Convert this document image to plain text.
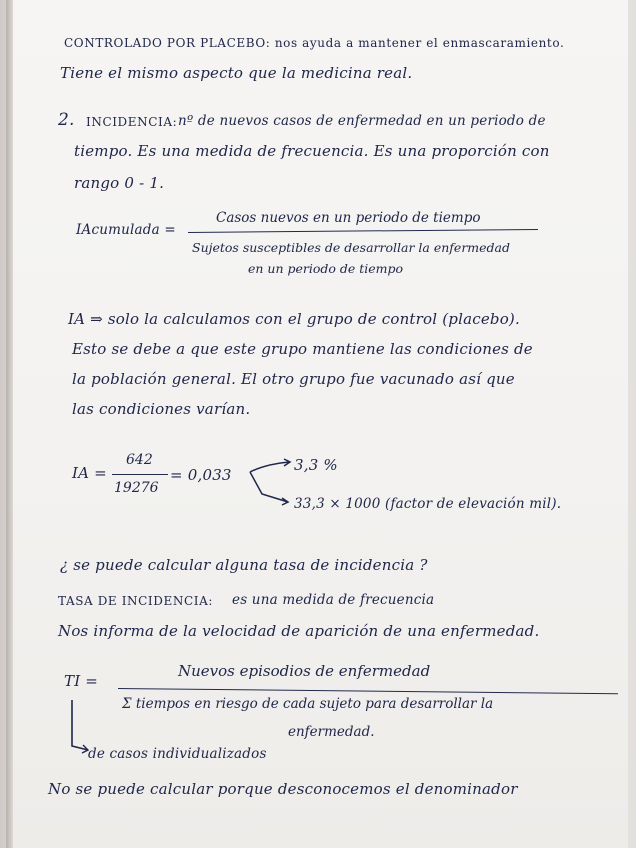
CONTROLADO POR PLACEBO: nos ayuda a mantener el enmascaramiento.
Tiene el mismo aspecto que la medicina real.
2. INCIDENCIA: nº de nuevos casos de enfermedad en un periodo de
tiempo. Es una medida de frecuencia. Es una proporción con
rango 0 - 1.
IAcumulada =
Casos nuevos en un periodo de tiempo
Sujetos susceptibles de desarrollar la enfermedad
en un periodo de tiempo
IA ⇒ solo la calculamos con el grupo de control (placebo).
Esto se debe a que este grupo mantiene las condiciones de
la población general. El otro grupo fue vacunado así que
las condiciones varían.
IA =
642
19276
= 0,033
3,3 %
33,3 × 1000 (factor de elevación mil).
¿ se puede calcular alguna tasa de incidencia ?
TASA DE INCIDENCIA: es una medida de frecuencia
Nos informa de la velocidad de aparición de una enfermedad.
TI =
Nuevos episodios de enfermedad
Σ tiempos en riesgo de cada sujeto para desarrollar la
enfermedad.
de casos individualizados
No se puede calcular porque desconocemos el denominador
